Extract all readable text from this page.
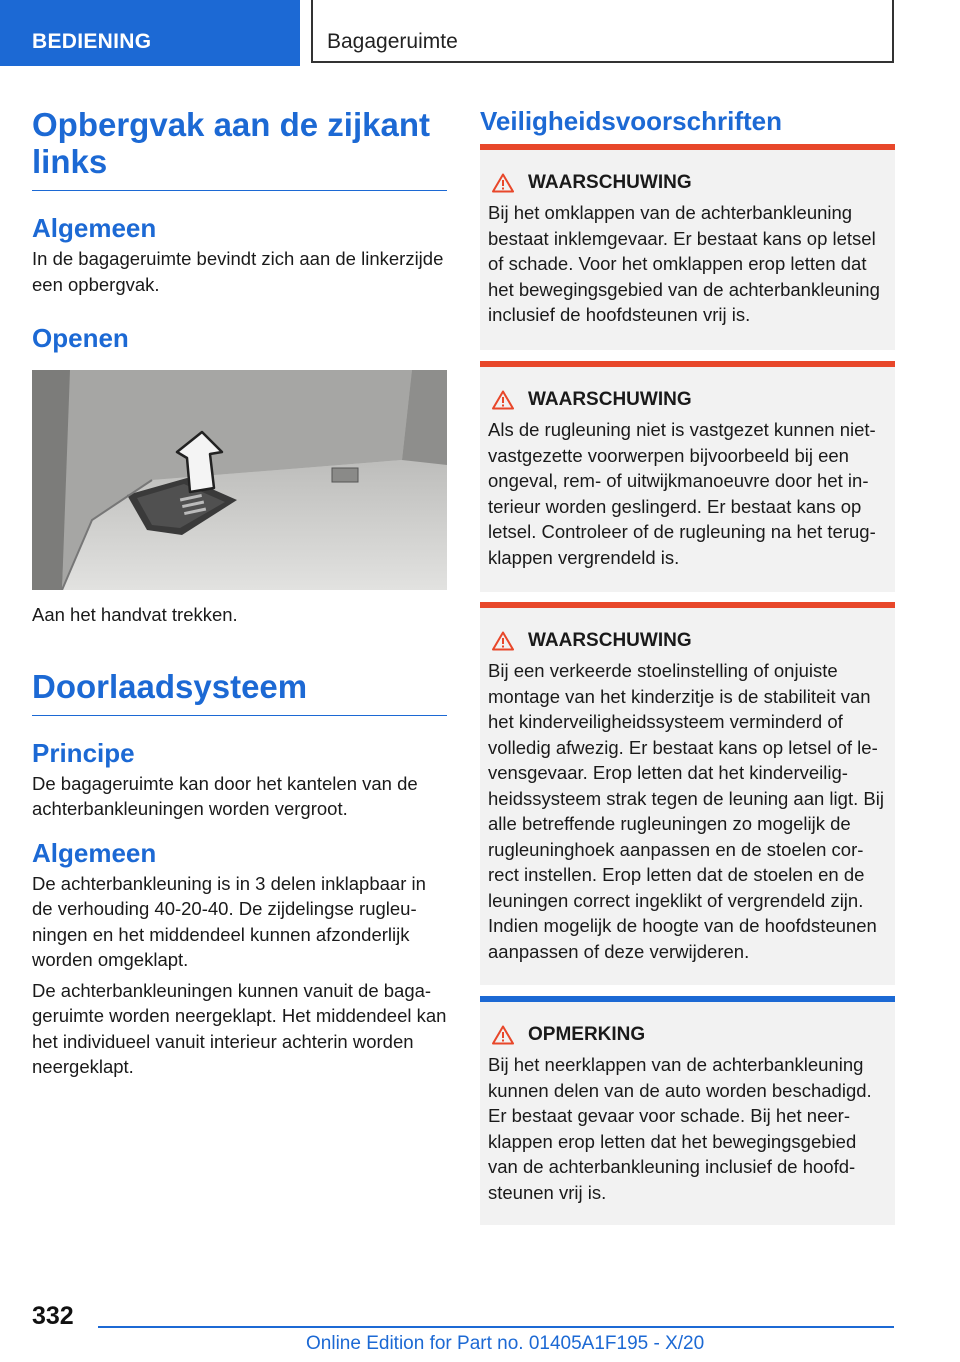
BEDIENING	Bagageruimte
Opbergvak aan de zijkant links
Algemeen

In de bagageruimte bevindt zich aan de linkerzijde een opbergvak.

Openen

Aan het handvat trekken.

Doorlaadsysteem
Principe

De bagageruimte kan door het kantelen van de achterbankleuningen worden vergroot.

Algemeen

De achterbankleuning is in 3 delen inklapbaar in de verhouding 40-20-40. De zijdelingse rugleuningen en het middendeel kunnen afzonderlijk worden omgeklapt.

De achterbankleuningen kunnen vanuit de bagageruimte worden neergeklapt. Het middendeel kan het individueel vanuit interieur achterin worden neergeklapt.

Veiligheidsvoorschriften
WAARSCHUWING

Bij het omklappen van de achterbankleuning bestaat inklemgevaar. Er bestaat kans op letsel of schade. Voor het omklappen erop letten dat het bewegingsgebied van de achterbankleuning inclusief de hoofdsteunen vrij is.

WAARSCHUWING

Als de rugleuning niet is vastgezet kunnen niet-vastgezette voorwerpen bijvoorbeeld bij een ongeval, rem- of uitwijkmanoeuvre door het interieur worden geslingerd. Er bestaat kans op letsel. Controleer of de rugleuning na het terugklappen vergrendeld is.

WAARSCHUWING

Bij een verkeerde stoelinstelling of onjuiste montage van het kinderzitje is de stabiliteit van het kinderveiligheidssysteem verminderd of volledig afwezig. Er bestaat kans op letsel of levensgevaar. Erop letten dat het kinderveiligheidssysteem strak tegen de leuning aan ligt. Bij alle betreffende rugleuningen zo mogelijk de rugleuninghoek aanpassen en de stoelen correct instellen. Erop letten dat de stoelen en de leuningen correct ingeklikt of vergrendeld zijn. Indien mogelijk de hoogte van de hoofdsteunen aanpassen of deze verwijderen.

OPMERKING

Bij het neerklappen van de achterbankleuning kunnen delen van de auto worden beschadigd. Er bestaat gevaar voor schade. Bij het neerklappen erop letten dat het bewegingsgebied van de achterbankleuning inclusief de hoofdsteunen vrij is.

332
Online Edition for Part no. 01405A1F195 - X/20
